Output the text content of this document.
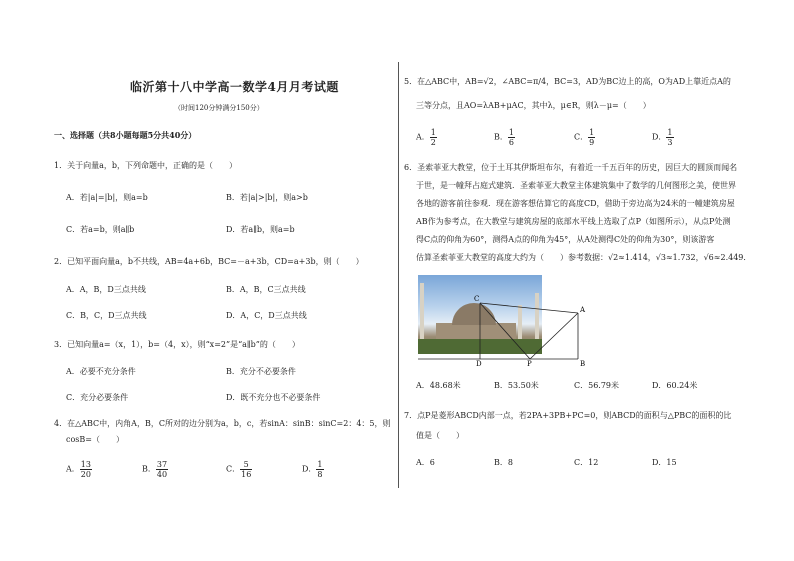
临沂第十八中学高一数学4月月考试题
（时间120分钟满分150分）
一、选择题（共8小题每题5分共40分）
1．关于向量a，b，下列命题中，正确的是（　　）
A．若|a|=|b|，则a=b	B．若|a|>|b|，则a>b
C．若a=b，则a∥b	D．若a∥b，则a=b
2．已知平面向量a，b不共线，AB=4a+6b，BC=－a+3b，CD=a+3b，则（　　）
A．A，B，D三点共线	B．A，B，C三点共线
C．B，C，D三点共线	D．A，C，D三点共线
3．已知向量a=（x，1），b=（4，x），则“x=2”是“a∥b”的（　　）
A．必要不充分条件	B．充分不必要条件
C．充分必要条件	D．既不充分也不必要条件
4．在△ABC中，内角A，B，C所对的边分别为a，b，c，若sinA：sinB：sinC=2：4：5，则
cosB=（　　）
A． $\frac{13}{20}$	B． $\frac{37}{40}$	C． $\frac{5}{16}$	D． $\frac{1}{8}$
5．在△ABC中，AB=√2，∠ABC=π/4，BC=3，AD为BC边上的高，O为AD上靠近点A的
三等分点，且AO=λAB+μAC，其中λ，μ∈R，则λ－μ=（　　）
A． $\frac{1}{2}$	B． $\frac{1}{6}$	C． $\frac{1}{9}$	D． $\frac{1}{3}$
6．圣索菲亚大教堂，位于土耳其伊斯坦布尔，有着近一千五百年的历史，因巨大的圆顶而闻名
于世，是一幢拜占庭式建筑．圣索菲亚大教堂主体建筑集中了数学的几何图形之美，使世界
各地的游客前往参观．现在游客想估算它的高度CD，借助于旁边高为24米的一幢建筑房屋
AB作为参考点，在大教堂与建筑房屋的底部水平线上选取了点P（如图所示），从点P处测
得C点的仰角为60°，测得A点的仰角为45°，从A处测得C处的仰角为30°，则该游客
估算圣索菲亚大教堂的高度大约为（　　）参考数据：√2≈1.414，√3≈1.732，√6≈2.449．
C
A
D	P	B
A．48.68米	B．53.50米	C．56.79米	D．60.24米
7．点P是菱形ABCD内部一点，若2PA+3PB+PC=0，则ABCD的面积与△PBC的面积的比
值是（　　）
A．6	B．8	C．12	D．15
